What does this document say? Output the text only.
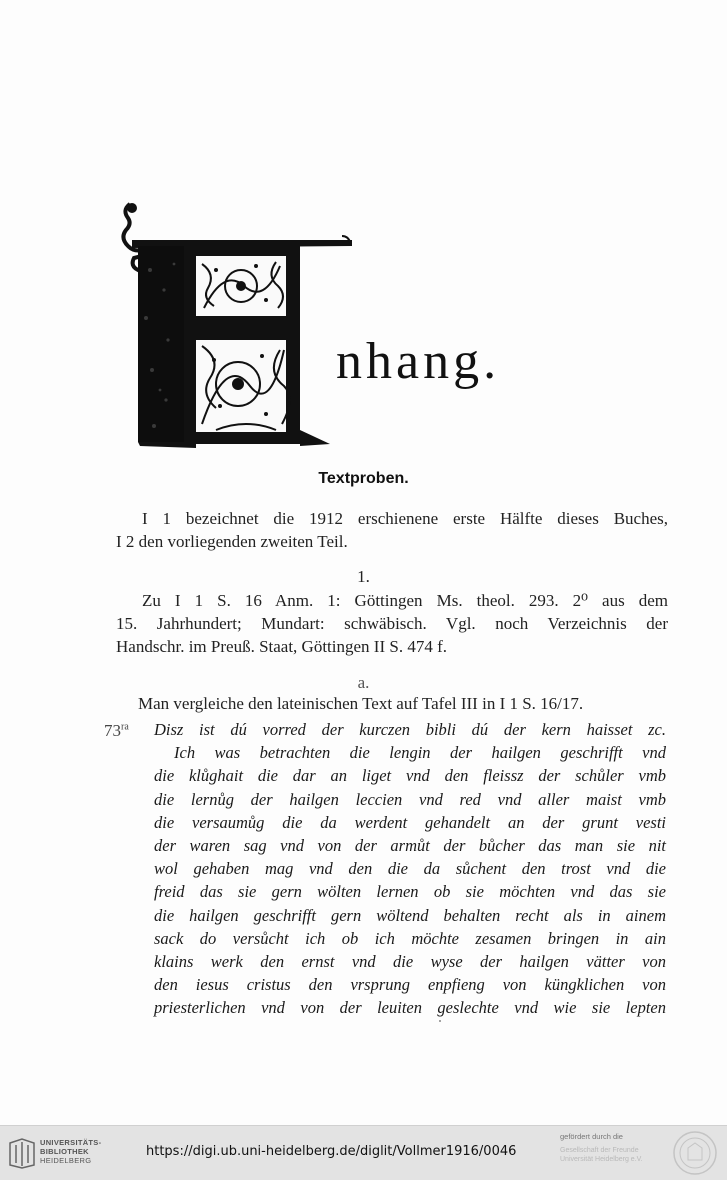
nhang.
Textproben.
I 1 bezeichnet die 1912 erschienene erste Hälfte dieses Buches,
I 2 den vorliegenden zweiten Teil.
1.
Zu I 1 S. 16 Anm. 1: Göttingen Ms. theol. 293. 2⁰ aus dem
15. Jahrhundert; Mundart: schwäbisch. Vgl. noch Verzeichnis der
Handschr. im Preuß. Staat, Göttingen II S. 474 f.
a.
Man vergleiche den lateinischen Text auf Tafel III in I 1 S. 16/17.
$73^{ra}$ Disz ist dú vorred der kurczen bibli dú der kern haisset zc.
Ich was betrachten die lengin der hailgen geschrifft vnd
die klůghait die dar an liget vnd den fleissz der schůler vmb
die lernůg der hailgen leccien vnd red vnd aller maist vmb
die versaumůg die da werdent gehandelt an der grunt vesti
der waren sag vnd von der armůt der bůcher das man sie nit
wol gehaben mag vnd den die da sůchent den trost vnd die
freid das sie gern wölten lernen ob sie möchten vnd das sie
die hailgen geschrifft gern wöltend behalten recht als in ainem
sack do versůcht ich ob ich möchte zesamen bringen in ain
klains werk den ernst vnd die wyse der hailgen vätter von
den iesus cristus den vrsprung enpfieng von küngklichen von
priesterlichen vnd von der leuiten geslechte vnd wie sie lepten
UNIVERSITÄTS-
BIBLIOTHEK
HEIDELBERG
https://digi.ub.uni-heidelberg.de/diglit/Vollmer1916/0046
gefördert durch die
Gesellschaft der Freunde
Universität Heidelberg e.V.
